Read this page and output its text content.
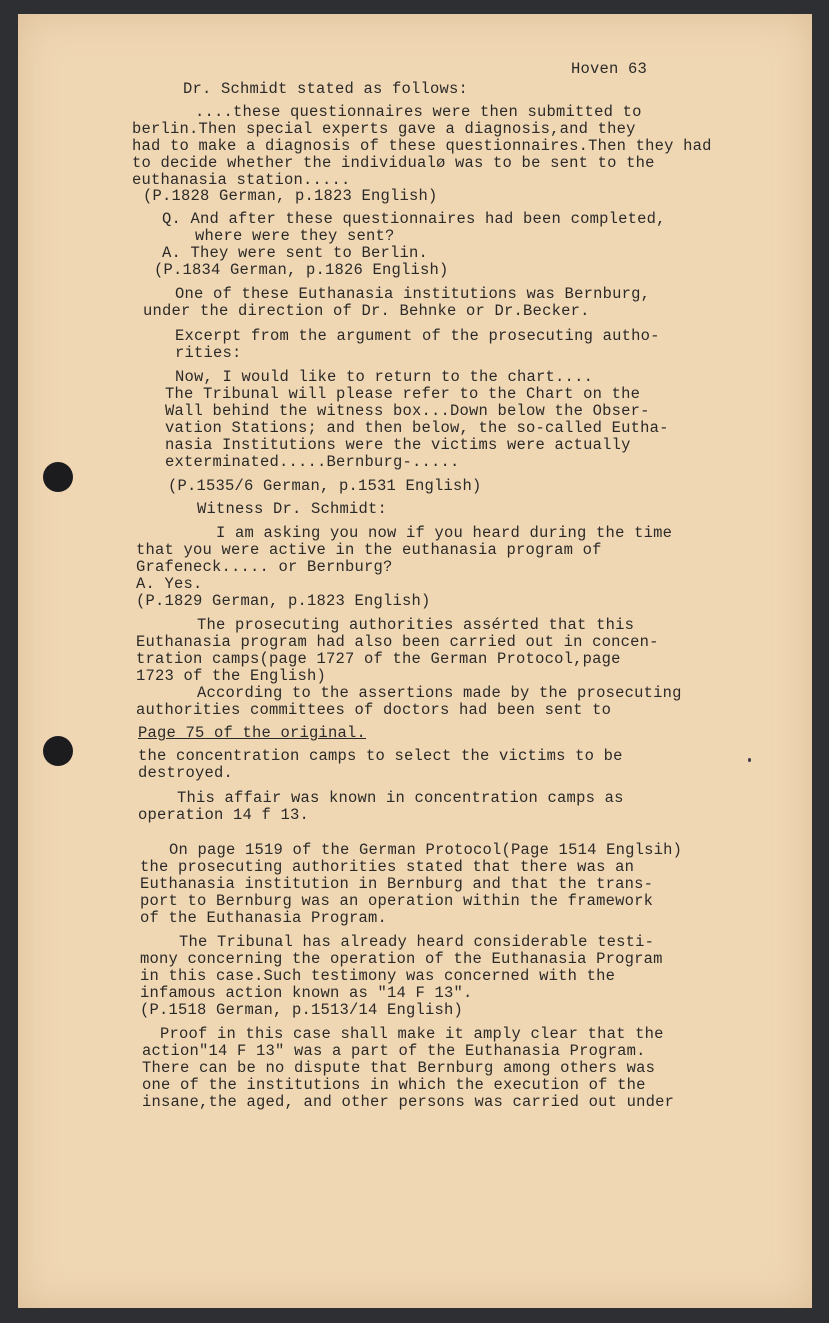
Hoven 63
Dr. Schmidt stated as follows:
....these questionnaires were then submitted to
berlin.Then special experts gave a diagnosis,and they
had to make a diagnosis of these questionnaires.Then they had
to decide whether the individualø was to be sent to the
euthanasia station.....
(P.1828 German, p.1823 English)
Q. And after these questionnaires had been completed,
where were they sent?
A. They were sent to Berlin.
(P.1834 German, p.1826 English)
One of these Euthanasia institutions was Bernburg,
under the direction of Dr. Behnke or Dr.Becker.
Excerpt from the argument of the prosecuting autho-
rities:
Now, I would like to return to the chart....
The Tribunal will please refer to the Chart on the
Wall behind the witness box...Down below the Obser-
vation Stations; and then below, the so-called Eutha-
nasia Institutions were the victims were actually
exterminated.....Bernburg-.....
(P.1535/6 German, p.1531 English)
Witness Dr. Schmidt:
I am asking you now if you heard during the time
that you were active in the euthanasia program of
Grafeneck..... or Bernburg?
A. Yes.
(P.1829 German, p.1823 English)
The prosecuting authorities assérted that this
Euthanasia program had also been carried out in concen-
tration camps(page 1727 of the German Protocol,page
1723 of the English)
According to the assertions made by the prosecuting
authorities committees of doctors had been sent to
Page 75 of the original.
the concentration camps to select the victims to be
destroyed.
This affair was known in concentration camps as
operation 14 f 13.
On page 1519 of the German Protocol(Page 1514 Englsih)
the prosecuting authorities stated that there was an
Euthanasia institution in Bernburg and that the trans-
port to Bernburg was an operation within the framework
of the Euthanasia Program.
The Tribunal has already heard considerable testi-
mony concerning the operation of the Euthanasia Program
in this case.Such testimony was concerned with the
infamous action known as "14 F 13".
(P.1518 German, p.1513/14 English)
Proof in this case shall make it amply clear that the
action"14 F 13" was a part of the Euthanasia Program.
There can be no dispute that Bernburg among others was
one of the institutions in which the execution of the
insane,the aged, and other persons was carried out under
